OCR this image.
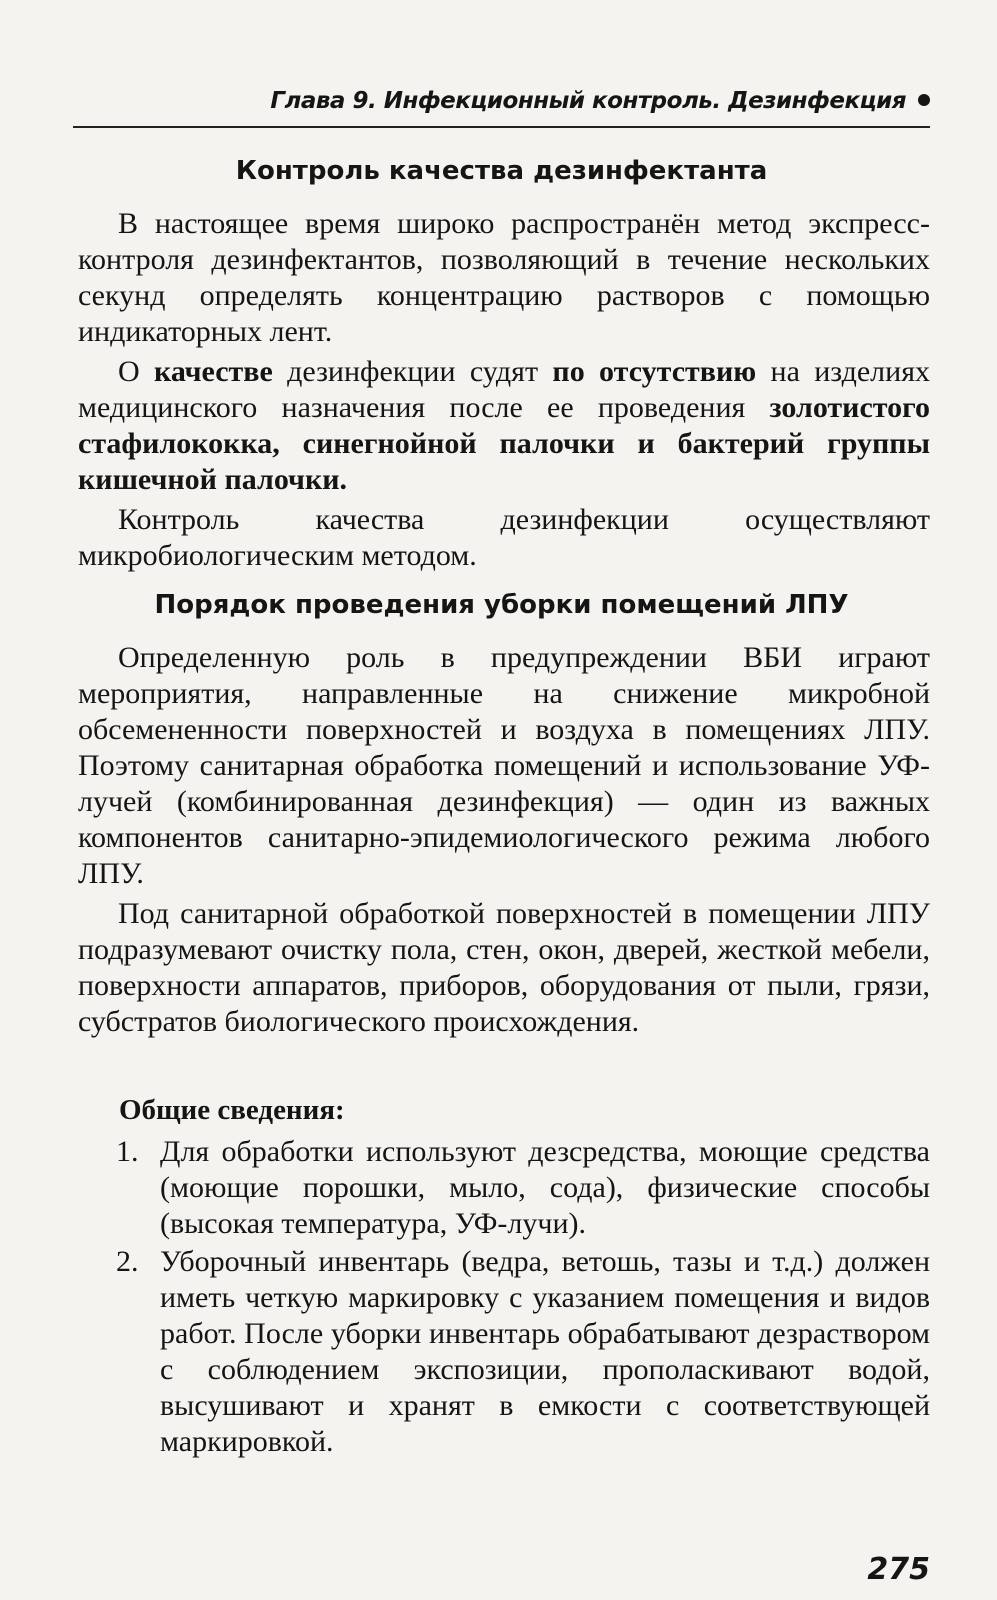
Глава 9. Инфекционный контроль. Дезинфекция
Контроль качества дезинфектанта

В настоящее время широко распространён метод экспресс-контроля дезинфектантов, позволяющий в течение нескольких секунд определять концентрацию растворов с помощью индикаторных лент.

О качестве дезинфекции судят по отсутствию на изделиях медицинского назначения после ее проведения золотистого стафилококка, синегнойной палочки и бактерий группы кишечной палочки.

Контроль качества дезинфекции осуществляют микробиологическим методом.

Порядок проведения уборки помещений ЛПУ

Определенную роль в предупреждении ВБИ играют мероприятия, направленные на снижение микробной обсемененности поверхностей и воздуха в помещениях ЛПУ. Поэтому санитарная обработка помещений и использование УФ-лучей (комбинированная дезинфекция) — один из важных компонентов санитарно-эпидемиологического режима любого ЛПУ.

Под санитарной обработкой поверхностей в помещении ЛПУ подразумевают очистку пола, стен, окон, дверей, жесткой мебели, поверхности аппаратов, приборов, оборудования от пыли, грязи, субстратов биологического происхождения.

Общие сведения:
1. Для обработки используют дезсредства, моющие средства (моющие порошки, мыло, сода), физические способы (высокая температура, УФ-лучи).
2. Уборочный инвентарь (ведра, ветошь, тазы и т.д.) должен иметь четкую маркировку с указанием помещения и видов работ. После уборки инвентарь обрабатывают дезраствором с соблюдением экспозиции, прополаскивают водой, высушивают и хранят в емкости с соответствующей маркировкой.
275
